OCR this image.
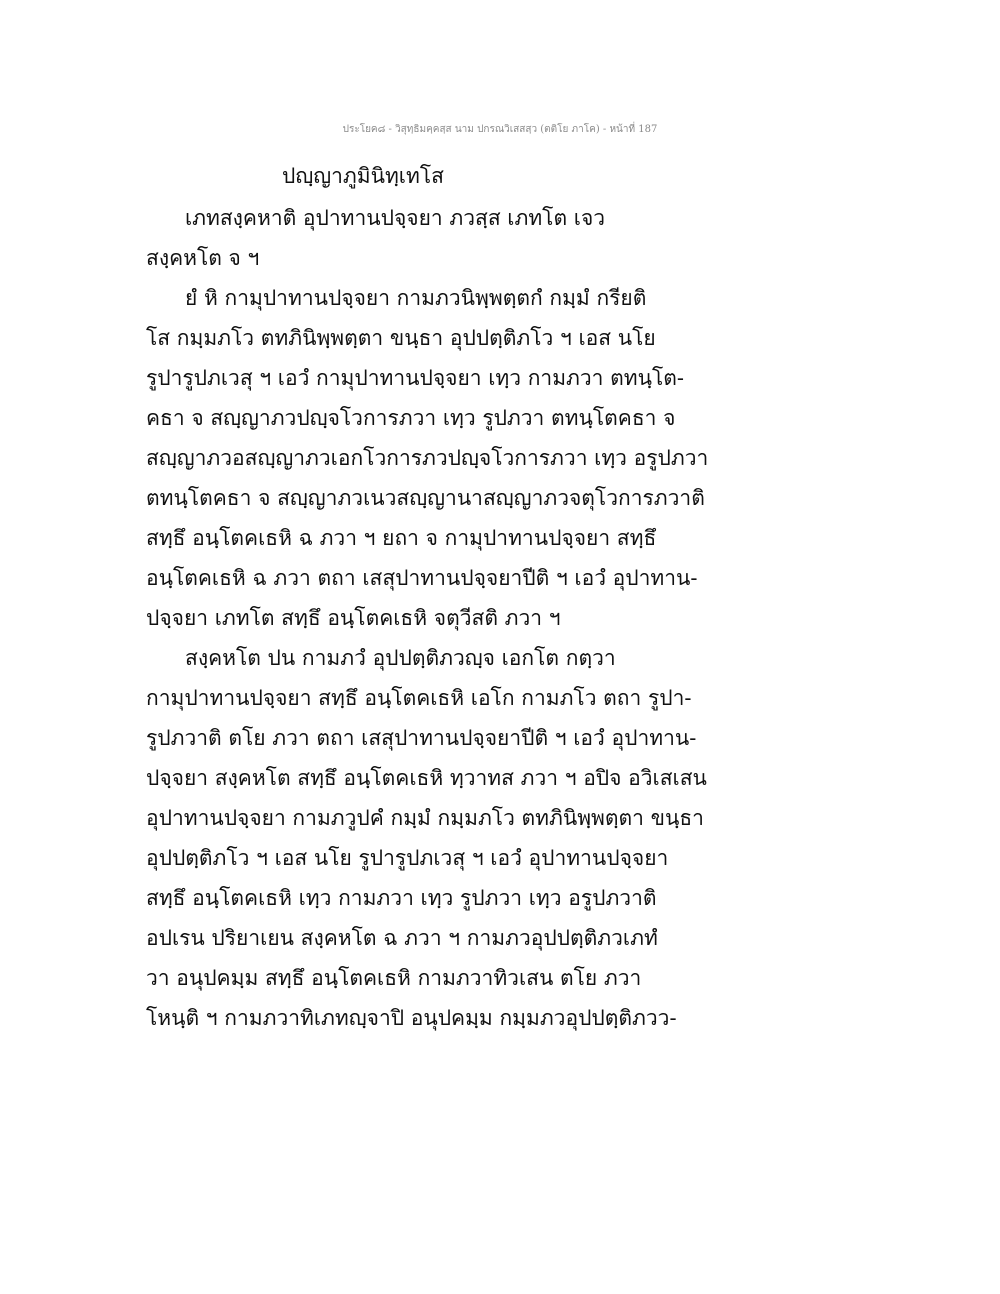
ประโยค๘ - วิสุทฺธิมคฺคสฺส นาม ปกรณวิเสสสฺว (ตติโย ภาโค) - หน้าที่ 187
ปญฺญาภูมินิทฺเทโส
เภทสงฺคหาติ อุปาทานปจฺจยา ภวสฺส เภทโต เจว
สงฺคหโต จ ฯ
ยํ หิ กามุปาทานปจฺจยา กามภวนิพฺพตฺตกํ กมฺมํ กรียติ
โส กมฺมภโว ตทภินิพฺพตฺตา ขนฺธา อุปปตฺติภโว ฯ เอส นโย
รูปารูปภเวสุ ฯ เอวํ กามุปาทานปจฺจยา เทฺว กามภวา ตทนฺโต-
คธา จ สญฺญาภวปญฺจโวการภวา เทฺว รูปภวา ตทนฺโตคธา จ
สญฺญาภวอสญฺญาภวเอกโวการภวปญฺจโวการภวา เทฺว อรูปภวา
ตทนฺโตคธา จ สญฺญาภวเนวสญฺญานาสญฺญาภวจตุโวการภวาติ
สทฺธึ อนฺโตคเธหิ ฉ ภวา ฯ ยถา จ กามุปาทานปจฺจยา สทฺธึ
อนฺโตคเธหิ ฉ ภวา ตถา เสสุปาทานปจฺจยาปีติ ฯ เอวํ อุปาทาน-
ปจฺจยา เภทโต สทฺธึ อนฺโตคเธหิ จตุวีสติ ภวา ฯ
สงฺคหโต ปน กามภวํ อุปปตฺติภวญฺจ เอกโต กตฺวา
กามุปาทานปจฺจยา สทฺธึ อนฺโตคเธหิ เอโก กามภโว ตถา รูปา-
รูปภวาติ ตโย ภวา ตถา เสสุปาทานปจฺจยาปีติ ฯ เอวํ อุปาทาน-
ปจฺจยา สงฺคหโต สทฺธึ อนฺโตคเธหิ ทฺวาทส ภวา ฯ อปิจ อวิเสเสน
อุปาทานปจฺจยา กามภวูปคํ กมฺมํ กมฺมภโว ตทภินิพฺพตฺตา ขนฺธา
อุปปตฺติภโว ฯ เอส นโย รูปารูปภเวสุ ฯ เอวํ อุปาทานปจฺจยา
สทฺธึ อนฺโตคเธหิ เทฺว กามภวา เทฺว รูปภวา เทฺว อรูปภวาติ
อปเรน ปริยาเยน สงฺคหโต ฉ ภวา ฯ กามภวอุปปตฺติภวเภทํ
วา อนุปคมฺม สทฺธึ อนฺโตคเธหิ กามภวาทิวเสน ตโย ภวา
โหนฺติ ฯ กามภวาทิเภทญฺจาปิ อนุปคมฺม กมฺมภวอุปปตฺติภวว-
